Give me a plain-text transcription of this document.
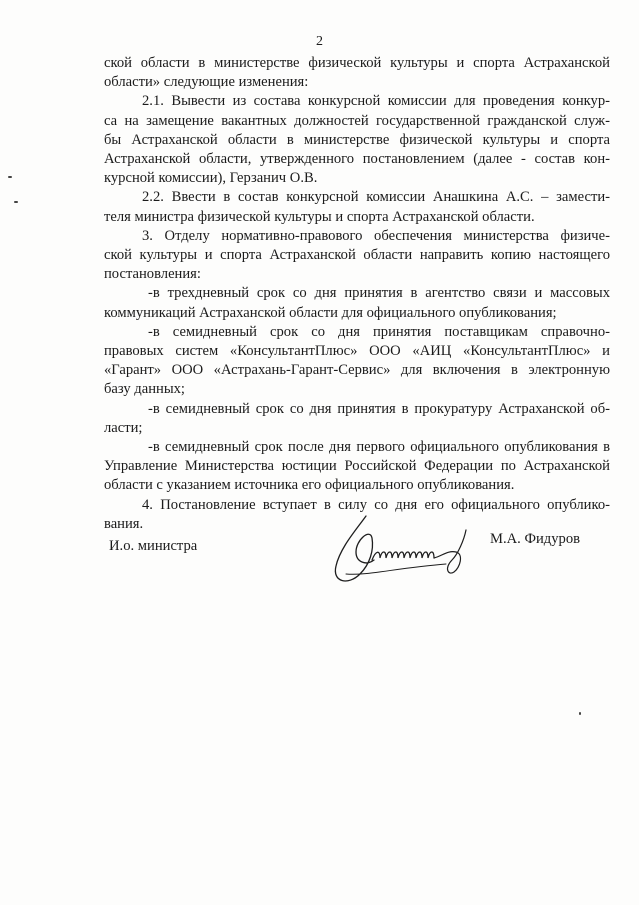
2
ской области в министерстве физической культуры и спорта Астраханской
области» следующие изменения:
2.1. Вывести из состава конкурсной комиссии для проведения конкур-
са на замещение вакантных должностей государственной гражданской служ-
бы Астраханской области в министерстве физической культуры и спорта
Астраханской области, утвержденного постановлением (далее - состав кон-
курсной комиссии), Герзанич О.В.
2.2. Ввести в состав конкурсной комиссии Анашкина А.С. – замести-
теля министра физической культуры и спорта Астраханской области.
3. Отделу нормативно-правового обеспечения министерства физиче-
ской культуры и спорта Астраханской области направить копию настоящего
постановления:
-в трехдневный срок со дня принятия в агентство связи и массовых
коммуникаций Астраханской области для официального опубликования;
-в семидневный срок со дня принятия поставщикам справочно-
правовых систем «КонсультантПлюс» ООО «АИЦ «КонсультантПлюс» и
«Гарант» ООО «Астрахань-Гарант-Сервис» для включения в электронную
базу данных;
-в семидневный срок со дня принятия в прокуратуру Астраханской об-
ласти;
-в семидневный срок после дня первого официального опубликования в
Управление Министерства юстиции Российской Федерации по Астраханской
области с указанием источника его официального опубликования.
4. Постановление вступает в силу со дня его официального опублико-
вания.
И.о. министра	М.А. Фидуров
